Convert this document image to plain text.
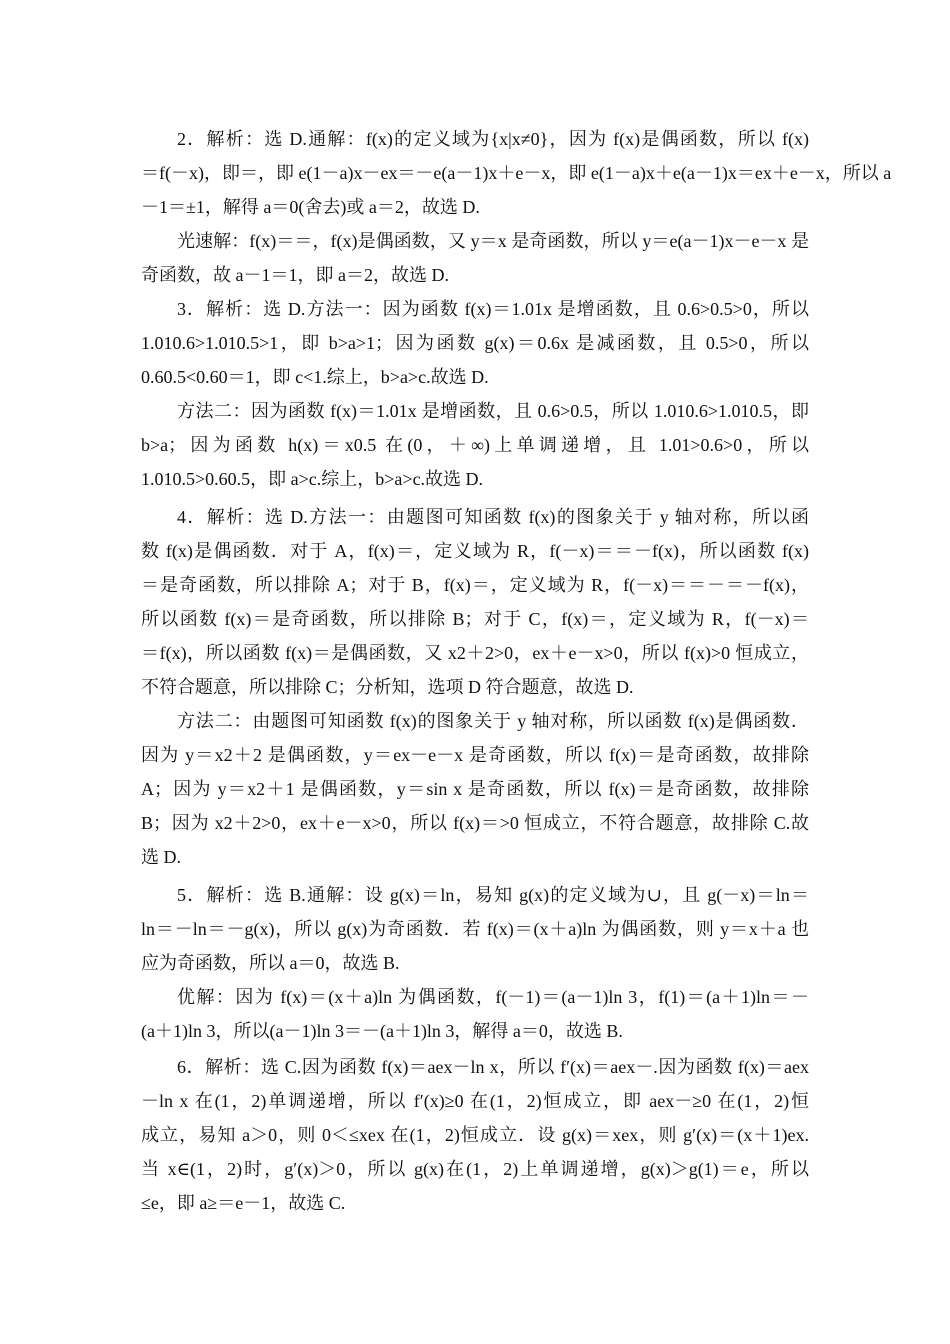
2．解析：选 D.通解：f(x)的定义域为{x|x≠0}，因为 f(x)是偶函数，所以 f(x)
＝f(－x)，即＝，即 e(1－a)x－ex＝－e(a－1)x＋e－x，即 e(1－a)x＋e(a－1)x＝ex＋e－x，所以 a
－1＝±1，解得 a＝0(舍去)或 a＝2，故选 D.
光速解：f(x)＝＝，f(x)是偶函数，又 y＝x 是奇函数，所以 y＝e(a－1)x－e－x 是
奇函数，故 a－1＝1，即 a＝2，故选 D.
3．解析：选 D.方法一：因为函数 f(x)＝1.01x 是增函数，且 0.6>0.5>0，所以
1.010.6>1.010.5>1，即 b>a>1；因为函数 g(x)＝0.6x 是减函数，且 0.5>0，所以
0.60.5<0.60＝1，即 c<1.综上，b>a>c.故选 D.
方法二：因为函数 f(x)＝1.01x 是增函数，且 0.6>0.5，所以 1.010.6>1.010.5，即
b>a；因为函数 h(x)＝x0.5 在(0，＋∞)上单调递增，且 1.01>0.6>0，所以
1.010.5>0.60.5，即 a>c.综上，b>a>c.故选 D.
4．解析：选 D.方法一：由题图可知函数 f(x)的图象关于 y 轴对称，所以函
数 f(x)是偶函数．对于 A，f(x)＝，定义域为 R，f(－x)＝＝－f(x)，所以函数 f(x)
＝是奇函数，所以排除 A；对于 B，f(x)＝，定义域为 R，f(－x)＝＝－＝－f(x)，
所以函数 f(x)＝是奇函数，所以排除 B；对于 C，f(x)＝，定义域为 R，f(－x)＝
＝f(x)，所以函数 f(x)＝是偶函数，又 x2＋2>0，ex＋e－x>0，所以 f(x)>0 恒成立，
不符合题意，所以排除 C；分析知，选项 D 符合题意，故选 D.
方法二：由题图可知函数 f(x)的图象关于 y 轴对称，所以函数 f(x)是偶函数．
因为 y＝x2＋2 是偶函数，y＝ex－e－x 是奇函数，所以 f(x)＝是奇函数，故排除
A；因为 y＝x2＋1 是偶函数，y＝sin x 是奇函数，所以 f(x)＝是奇函数，故排除
B；因为 x2＋2>0，ex＋e－x>0，所以 f(x)＝>0 恒成立，不符合题意，故排除 C.故
选 D.
5．解析：选 B.通解：设 g(x)＝ln，易知 g(x)的定义域为∪，且 g(－x)＝ln＝
ln＝－ln＝－g(x)，所以 g(x)为奇函数．若 f(x)＝(x＋a)ln 为偶函数，则 y＝x＋a 也
应为奇函数，所以 a＝0，故选 B.
优解：因为 f(x)＝(x＋a)ln 为偶函数，f(－1)＝(a－1)ln 3，f(1)＝(a＋1)ln＝－
(a＋1)ln 3，所以(a－1)ln 3＝－(a＋1)ln 3，解得 a＝0，故选 B.
6．解析：选 C.因为函数 f(x)＝aex－ln x，所以 f′(x)＝aex－.因为函数 f(x)＝aex
－ln x 在(1，2)单调递增，所以 f′(x)≥0 在(1，2)恒成立，即 aex－≥0 在(1，2)恒
成立，易知 a＞0，则 0＜≤xex 在(1，2)恒成立．设 g(x)＝xex，则 g′(x)＝(x＋1)ex.
当 x∈(1，2)时，g′(x)＞0，所以 g(x)在(1，2)上单调递增，g(x)＞g(1)＝e，所以
≤e，即 a≥＝e－1，故选 C.
